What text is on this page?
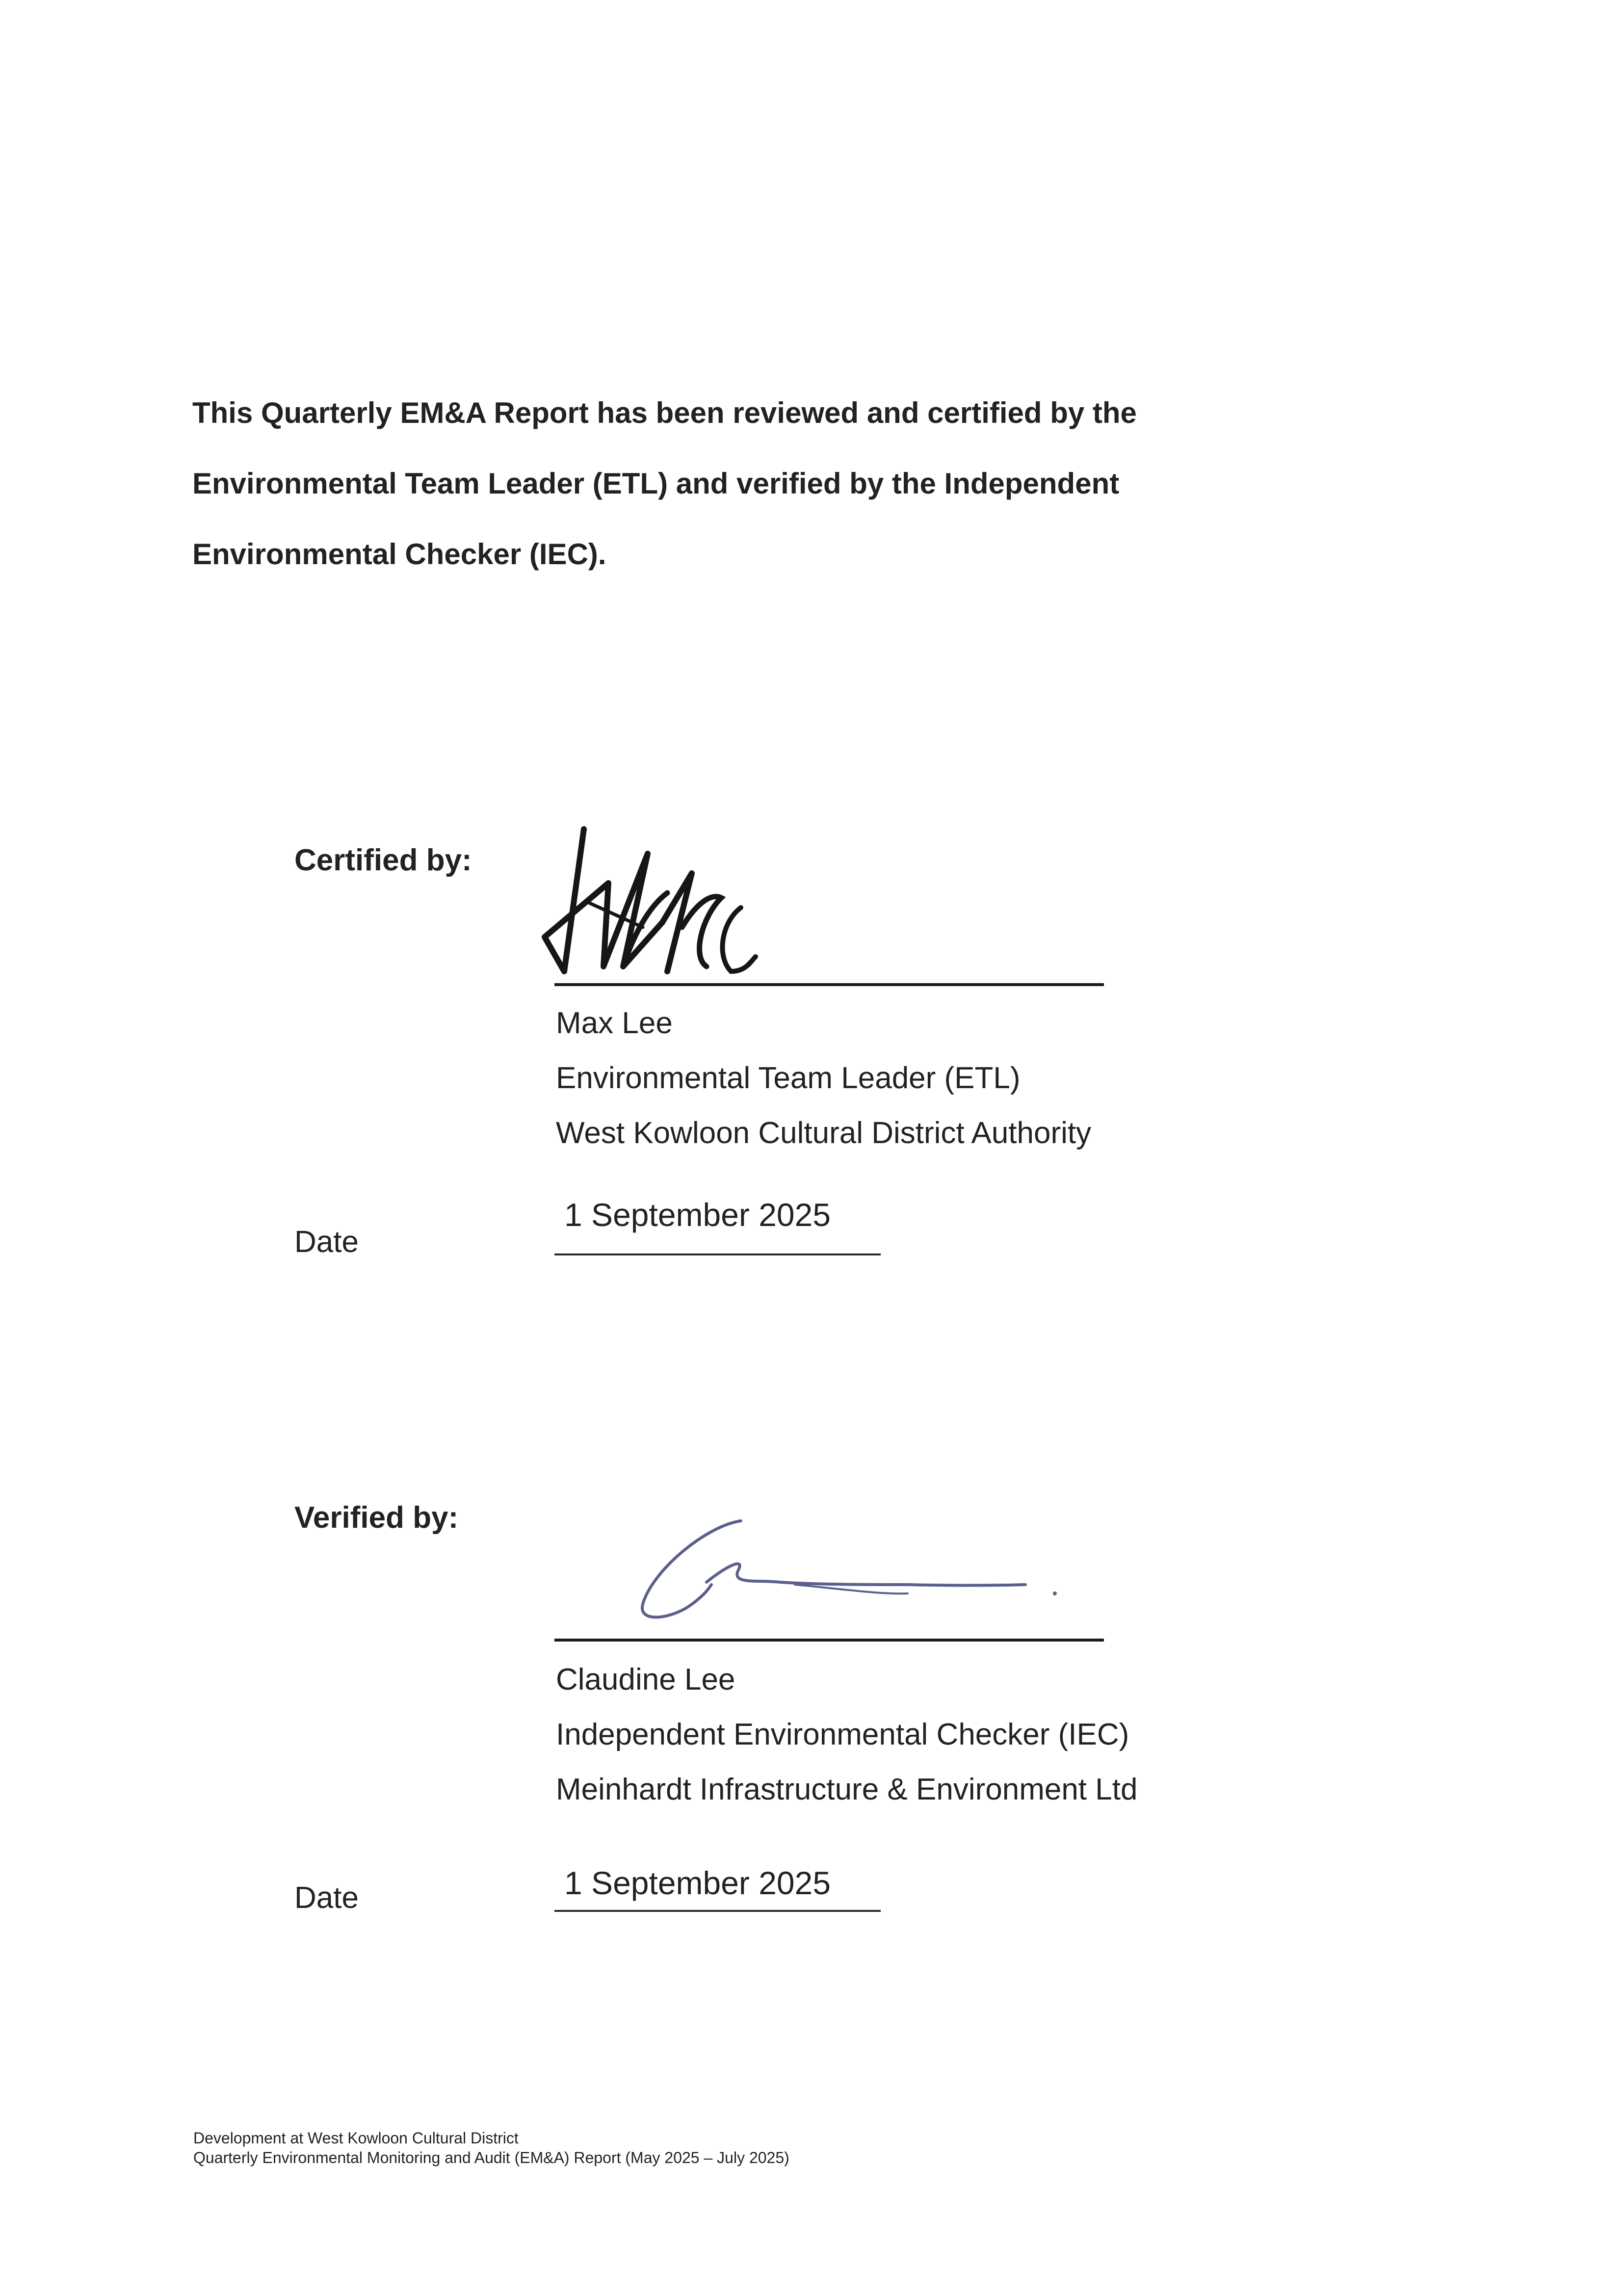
This Quarterly EM&A Report has been reviewed and certified by the
Environmental Team Leader (ETL) and verified by the Independent
Environmental Checker (IEC).

Certified by:
Max Lee
Environmental Team Leader (ETL)
West Kowloon Cultural District Authority
1 September 2025
Date
Verified by:
Claudine Lee
Independent Environmental Checker (IEC)
Meinhardt Infrastructure & Environment Ltd
1 September 2025
Date
Development at West Kowloon Cultural District
Quarterly Environmental Monitoring and Audit (EM&A) Report (May 2025 – July 2025)
